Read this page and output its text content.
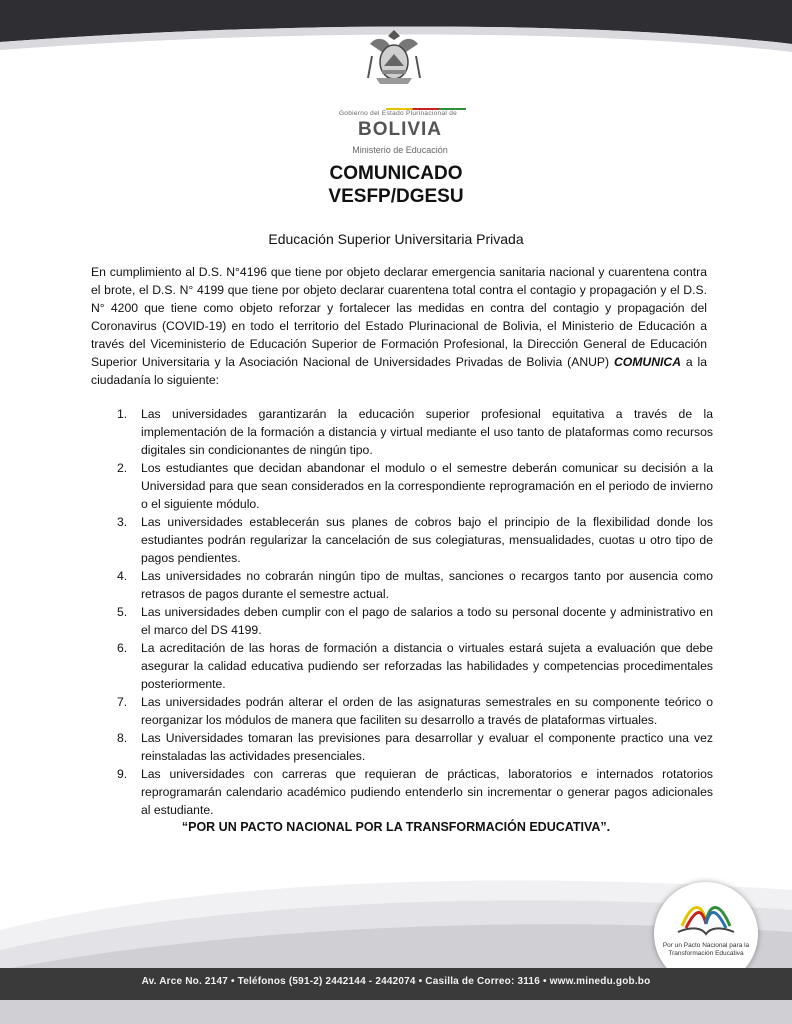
Gobierno del Estado Plurinacional de
BOLIVIA
Ministerio de Educación
COMUNICADO
VESFP/DGESU
Educación Superior Universitaria Privada

En cumplimiento al D.S. N°4196 que tiene por objeto declarar emergencia sanitaria nacional y cuarentena contra el brote, el D.S. N° 4199 que tiene por objeto declarar cuarentena total contra el contagio y propagación y el D.S. N° 4200 que tiene como objeto reforzar y fortalecer las medidas en contra del contagio y propagación del Coronavirus (COVID-19) en todo el territorio del Estado Plurinacional de Bolivia, el Ministerio de Educación a través del Viceministerio de Educación Superior de Formación Profesional, la Dirección General de Educación Superior Universitaria y la Asociación Nacional de Universidades Privadas de Bolivia (ANUP) COMUNICA a la ciudadanía lo siguiente:

1. Las universidades garantizarán la educación superior profesional equitativa a través de la implementación de la formación a distancia y virtual mediante el uso tanto de plataformas como recursos digitales sin condicionantes de ningún tipo.
2. Los estudiantes que decidan abandonar el modulo o el semestre deberán comunicar su decisión a la Universidad para que sean considerados en la correspondiente reprogramación en el periodo de invierno o el siguiente módulo.
3. Las universidades establecerán sus planes de cobros bajo el principio de la flexibilidad donde los estudiantes podrán regularizar la cancelación de sus colegiaturas, mensualidades, cuotas u otro tipo de pagos pendientes.
4. Las universidades no cobrarán ningún tipo de multas, sanciones o recargos tanto por ausencia como retrasos de pagos durante el semestre actual.
5. Las universidades deben cumplir con el pago de salarios a todo su personal docente y administrativo en el marco del DS 4199.
6. La acreditación de las horas de formación a distancia o virtuales estará sujeta a evaluación que debe asegurar la calidad educativa pudiendo ser reforzadas las habilidades y competencias procedimentales posteriormente.
7. Las universidades podrán alterar el orden de las asignaturas semestrales en su componente teórico o reorganizar los módulos de manera que faciliten su desarrollo a través de plataformas virtuales.
8. Las Universidades tomaran las previsiones para desarrollar y evaluar el componente practico una vez reinstaladas las actividades presenciales.
9. Las universidades con carreras que requieran de prácticas, laboratorios e internados rotatorios reprogramarán calendario académico pudiendo entenderlo sin incrementar o generar pagos adicionales al estudiante.
“POR UN PACTO NACIONAL POR LA TRANSFORMACIÓN EDUCATIVA”.
Por un Pacto Nacional para la Transformación Educativa
Av. Arce No. 2147 • Teléfonos (591-2) 2442144 - 2442074 • Casilla de Correo: 3116 • www.minedu.gob.bo
